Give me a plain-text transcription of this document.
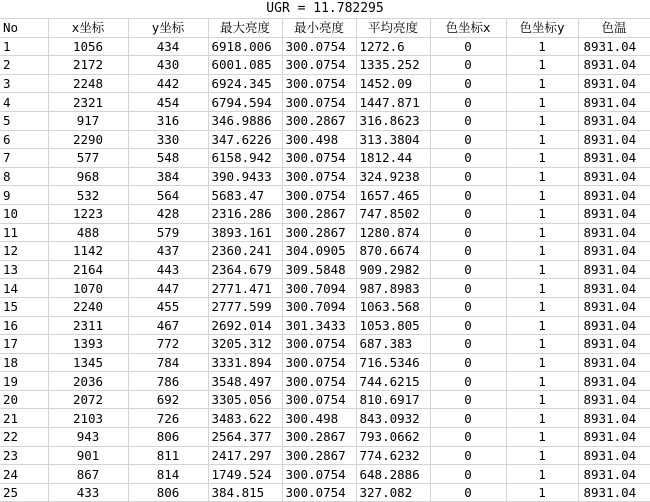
UGR = 11.782295
No	x坐标	y坐标	最大亮度	最小亮度	平均亮度	色坐标x	色坐标y	色温
1	1056	434	6918.006	300.0754	1272.6	0	1	8931.04
2	2172	430	6001.085	300.0754	1335.252	0	1	8931.04
3	2248	442	6924.345	300.0754	1452.09	0	1	8931.04
4	2321	454	6794.594	300.0754	1447.871	0	1	8931.04
5	917	316	346.9886	300.2867	316.8623	0	1	8931.04
6	2290	330	347.6226	300.498	313.3804	0	1	8931.04
7	577	548	6158.942	300.0754	1812.44	0	1	8931.04
8	968	384	390.9433	300.0754	324.9238	0	1	8931.04
9	532	564	5683.47	300.0754	1657.465	0	1	8931.04
10	1223	428	2316.286	300.2867	747.8502	0	1	8931.04
11	488	579	3893.161	300.2867	1280.874	0	1	8931.04
12	1142	437	2360.241	304.0905	870.6674	0	1	8931.04
13	2164	443	2364.679	309.5848	909.2982	0	1	8931.04
14	1070	447	2771.471	300.7094	987.8983	0	1	8931.04
15	2240	455	2777.599	300.7094	1063.568	0	1	8931.04
16	2311	467	2692.014	301.3433	1053.805	0	1	8931.04
17	1393	772	3205.312	300.0754	687.383	0	1	8931.04
18	1345	784	3331.894	300.0754	716.5346	0	1	8931.04
19	2036	786	3548.497	300.0754	744.6215	0	1	8931.04
20	2072	692	3305.056	300.0754	810.6917	0	1	8931.04
21	2103	726	3483.622	300.498	843.0932	0	1	8931.04
22	943	806	2564.377	300.2867	793.0662	0	1	8931.04
23	901	811	2417.297	300.2867	774.6232	0	1	8931.04
24	867	814	1749.524	300.0754	648.2886	0	1	8931.04
25	433	806	384.815	300.0754	327.082	0	1	8931.04
